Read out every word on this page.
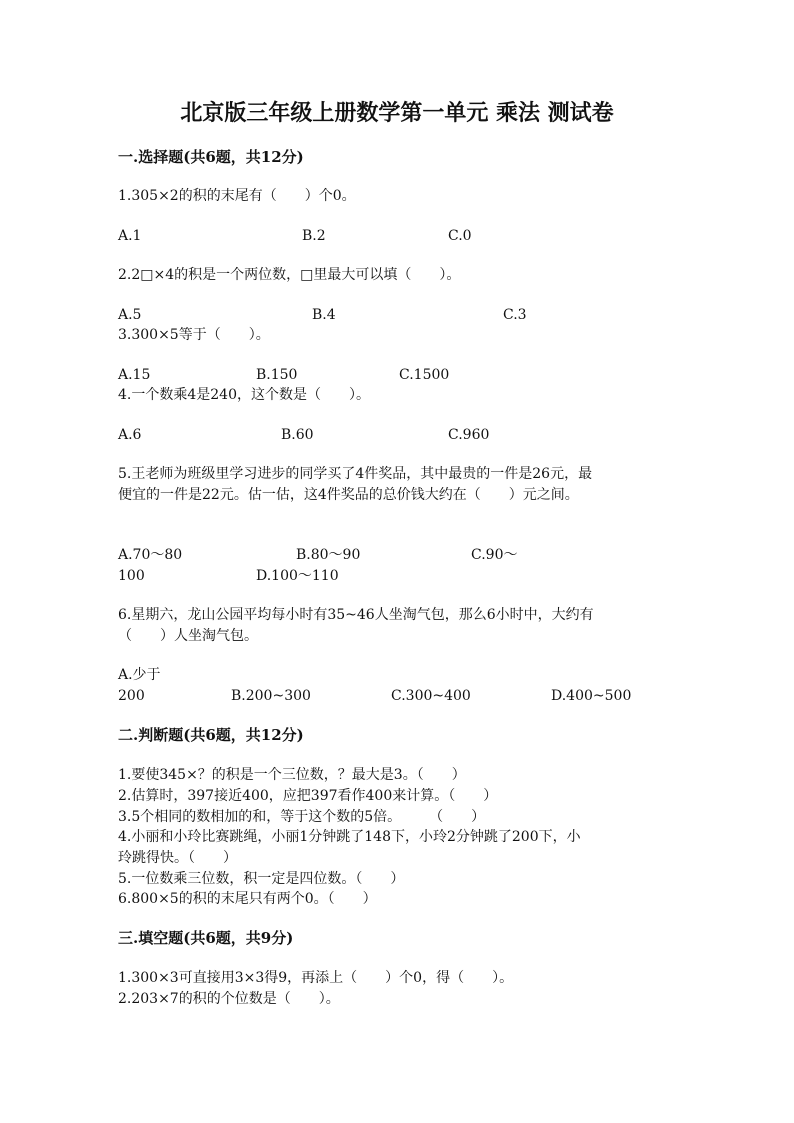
北京版三年级上册数学第一单元 乘法 测试卷
一.选择题(共6题，共12分)
1.305×2的积的末尾有（　　）个0。
A.1	B.2	C.0
2.2□×4的积是一个两位数，□里最大可以填（　　）。
A.5	B.4	C.3
3.300×5等于（　　）。
A.15	B.150	C.1500
4.一个数乘4是240，这个数是（　　）。
A.6	B.60	C.960
5.王老师为班级里学习进步的同学买了4件奖品，其中最贵的一件是26元，最
便宜的一件是22元。估一估，这4件奖品的总价钱大约在（　　）元之间。
A.70～80	B.80～90	C.90～
100	D.100～110
6.星期六，龙山公园平均每小时有35~46人坐淘气包，那么6小时中，大约有
（　　）人坐淘气包。
A.少于
200	B.200~300	C.300~400	D.400~500
二.判断题(共6题，共12分)
1.要使345×？的积是一个三位数，？最大是3。（　　）
2.估算时，397接近400，应把397看作400来计算。（　　）
3.5个相同的数相加的和，等于这个数的5倍。　　　（　　）
4.小丽和小玲比赛跳绳，小丽1分钟跳了148下，小玲2分钟跳了200下，小
玲跳得快。（　　）
5.一位数乘三位数，积一定是四位数。（　　）
6.800×5的积的末尾只有两个0。（　　）
三.填空题(共6题，共9分)
1.300×3可直接用3×3得9，再添上（　　）个0，得（　　）。
2.203×7的积的个位数是（　　）。
